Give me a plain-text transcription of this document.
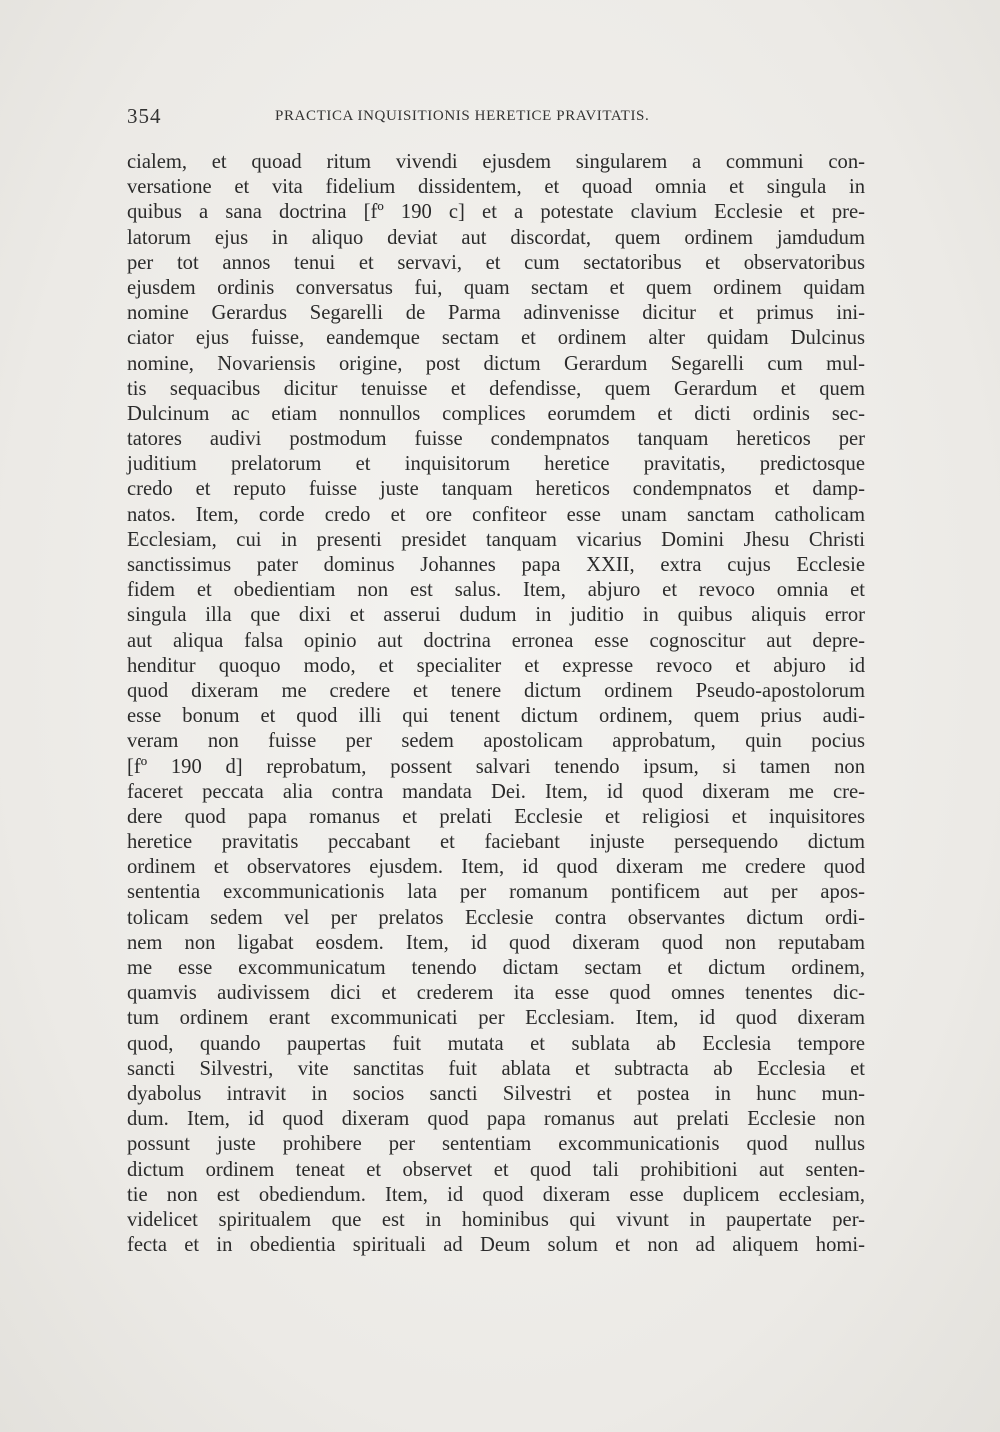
354	PRACTICA INQUISITIONIS HERETICE PRAVITATIS.
cialem, et quoad ritum vivendi ejusdem singularem a communi con-
versatione et vita fidelium dissidentem, et quoad omnia et singula in
quibus a sana doctrina [fº 190 c] et a potestate clavium Ecclesie et pre-
latorum ejus in aliquo deviat aut discordat, quem ordinem jamdudum
per tot annos tenui et servavi, et cum sectatoribus et observatoribus
ejusdem ordinis conversatus fui, quam sectam et quem ordinem quidam
nomine Gerardus Segarelli de Parma adinvenisse dicitur et primus ini-
ciator ejus fuisse, eandemque sectam et ordinem alter quidam Dulcinus
nomine, Novariensis origine, post dictum Gerardum Segarelli cum mul-
tis sequacibus dicitur tenuisse et defendisse, quem Gerardum et quem
Dulcinum ac etiam nonnullos complices eorumdem et dicti ordinis sec-
tatores audivi postmodum fuisse condempnatos tanquam hereticos per
juditium prelatorum et inquisitorum heretice pravitatis, predictosque
credo et reputo fuisse juste tanquam hereticos condempnatos et damp-
natos. Item, corde credo et ore confiteor esse unam sanctam catholicam
Ecclesiam, cui in presenti presidet tanquam vicarius Domini Jhesu Christi
sanctissimus pater dominus Johannes papa XXII, extra cujus Ecclesie
fidem et obedientiam non est salus. Item, abjuro et revoco omnia et
singula illa que dixi et asserui dudum in juditio in quibus aliquis error
aut aliqua falsa opinio aut doctrina erronea esse cognoscitur aut depre-
henditur quoquo modo, et specialiter et expresse revoco et abjuro id
quod dixeram me credere et tenere dictum ordinem Pseudo-apostolorum
esse bonum et quod illi qui tenent dictum ordinem, quem prius audi-
veram non fuisse per sedem apostolicam approbatum, quin pocius
[fº 190 d] reprobatum, possent salvari tenendo ipsum, si tamen non
faceret peccata alia contra mandata Dei. Item, id quod dixeram me cre-
dere quod papa romanus et prelati Ecclesie et religiosi et inquisitores
heretice pravitatis peccabant et faciebant injuste persequendo dictum
ordinem et observatores ejusdem. Item, id quod dixeram me credere quod
sententia excommunicationis lata per romanum pontificem aut per apos-
tolicam sedem vel per prelatos Ecclesie contra observantes dictum ordi-
nem non ligabat eosdem. Item, id quod dixeram quod non reputabam
me esse excommunicatum tenendo dictam sectam et dictum ordinem,
quamvis audivissem dici et crederem ita esse quod omnes tenentes dic-
tum ordinem erant excommunicati per Ecclesiam. Item, id quod dixeram
quod, quando paupertas fuit mutata et sublata ab Ecclesia tempore
sancti Silvestri, vite sanctitas fuit ablata et subtracta ab Ecclesia et
dyabolus intravit in socios sancti Silvestri et postea in hunc mun-
dum. Item, id quod dixeram quod papa romanus aut prelati Ecclesie non
possunt juste prohibere per sententiam excommunicationis quod nullus
dictum ordinem teneat et observet et quod tali prohibitioni aut senten-
tie non est obediendum. Item, id quod dixeram esse duplicem ecclesiam,
videlicet spiritualem que est in hominibus qui vivunt in paupertate per-
fecta et in obedientia spirituali ad Deum solum et non ad aliquem homi-
